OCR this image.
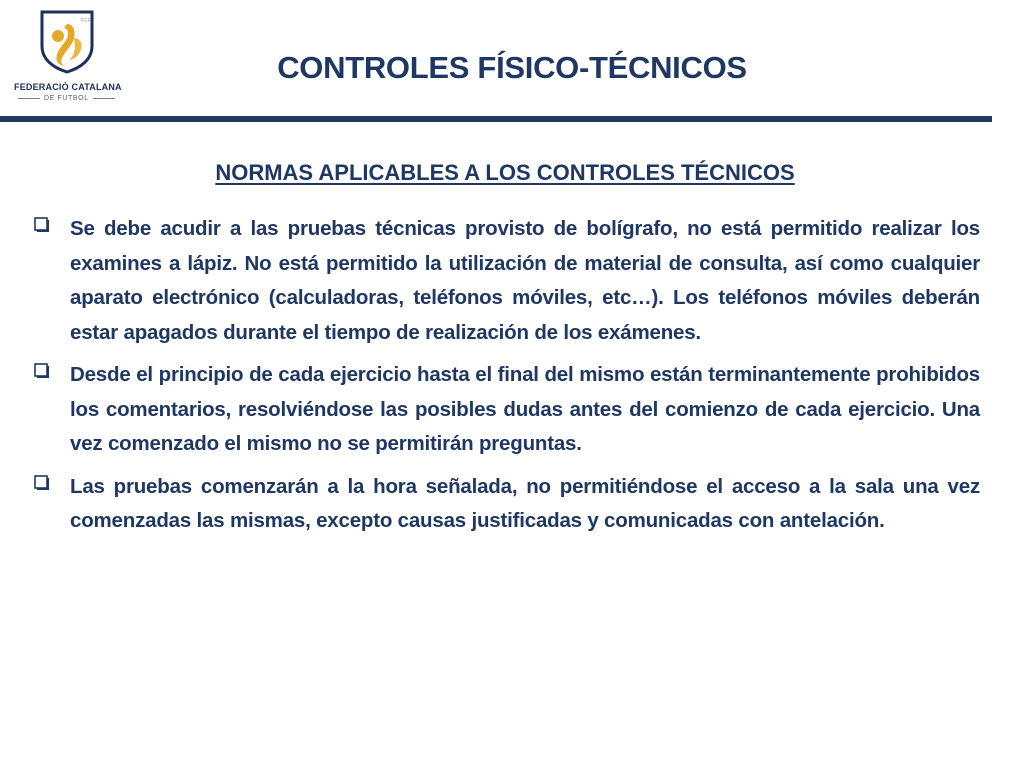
FCF
FEDERACIÓ CATALANA
DE FUTBOL
CONTROLES FÍSICO-TÉCNICOS
NORMAS APLICABLES A LOS CONTROLES TÉCNICOS
Se debe acudir a las pruebas técnicas provisto de bolígrafo, no está permitido realizar los examines a lápiz. No está permitido la utilización de material de consulta, así como cualquier aparato electrónico (calculadoras, teléfonos móviles, etc…). Los teléfonos móviles deberán estar apagados durante el tiempo de realización de los exámenes.
Desde el principio de cada ejercicio hasta el final del mismo están terminantemente prohibidos los comentarios, resolviéndose las posibles dudas antes del comienzo de cada ejercicio. Una vez comenzado el mismo no se permitirán preguntas.
Las pruebas comenzarán a la hora señalada, no permitiéndose el acceso a la sala una vez comenzadas las mismas, excepto causas justificadas y comunicadas con antelación.
